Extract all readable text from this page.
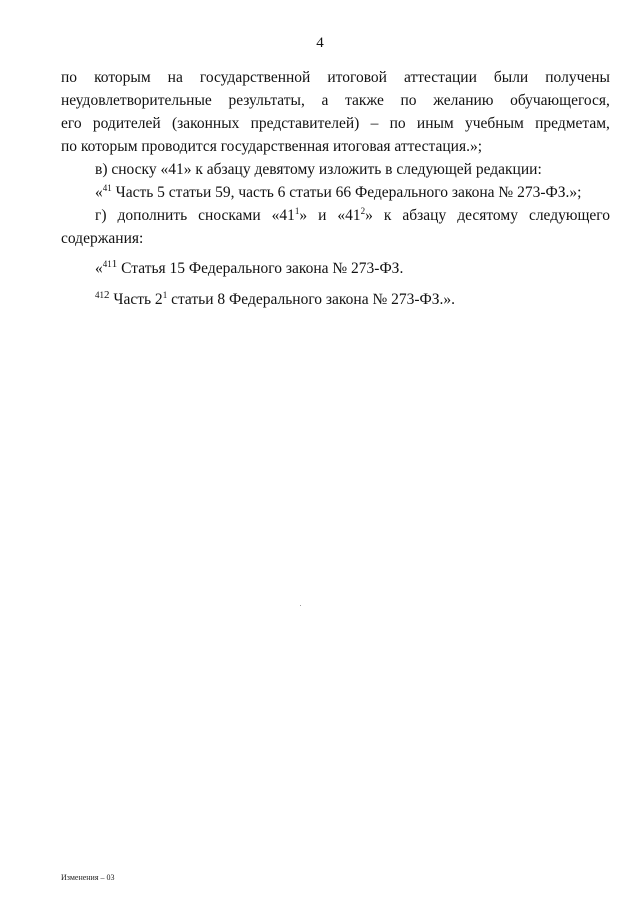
4
по которым на государственной итоговой аттестации были получены
неудовлетворительные результаты, а также по желанию обучающегося,
его родителей (законных представителей) – по иным учебным предметам,
по которым проводится государственная итоговая аттестация.»;
в) сноску «41» к абзацу девятому изложить в следующей редакции:
«$^{41}$ Часть 5 статьи 59, часть 6 статьи 66 Федерального закона № 273-ФЗ.»;
г) дополнить сносками «$41^1$» и «$41^2$» к абзацу десятому следующего
содержания:
«$^{411}$ Статья 15 Федерального закона № 273-ФЗ.
$^{412}$ Часть $2^1$ статьи 8 Федерального закона № 273-ФЗ.».
Изменения – 03
